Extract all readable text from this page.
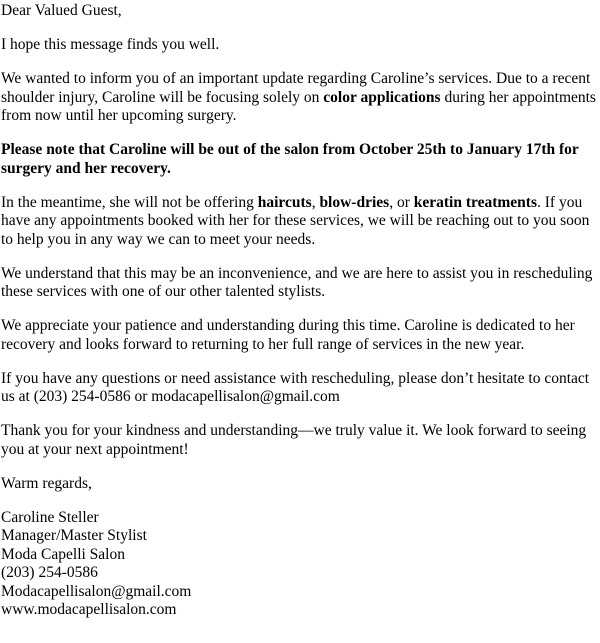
Dear Valued Guest,

I hope this message finds you well.

We wanted to inform you of an important update regarding Caroline’s services. Due to a recent shoulder injury, Caroline will be focusing solely on color applications during her appointments from now until her upcoming surgery.

Please note that Caroline will be out of the salon from October 25th to January 17th for surgery and her recovery.

In the meantime, she will not be offering haircuts, blow-dries, or keratin treatments. If you have any appointments booked with her for these services, we will be reaching out to you soon to help you in any way we can to meet your needs.

We understand that this may be an inconvenience, and we are here to assist you in rescheduling these services with one of our other talented stylists.

We appreciate your patience and understanding during this time. Caroline is dedicated to her recovery and looks forward to returning to her full range of services in the new year.

If you have any questions or need assistance with rescheduling, please don’t hesitate to contact us at (203) 254-0586 or modacapellisalon@gmail.com

Thank you for your kindness and understanding—we truly value it. We look forward to seeing you at your next appointment!

Warm regards,

Caroline Steller
Manager/Master Stylist
Moda Capelli Salon
(203) 254-0586
Modacapellisalon@gmail.com
www.modacapellisalon.com
